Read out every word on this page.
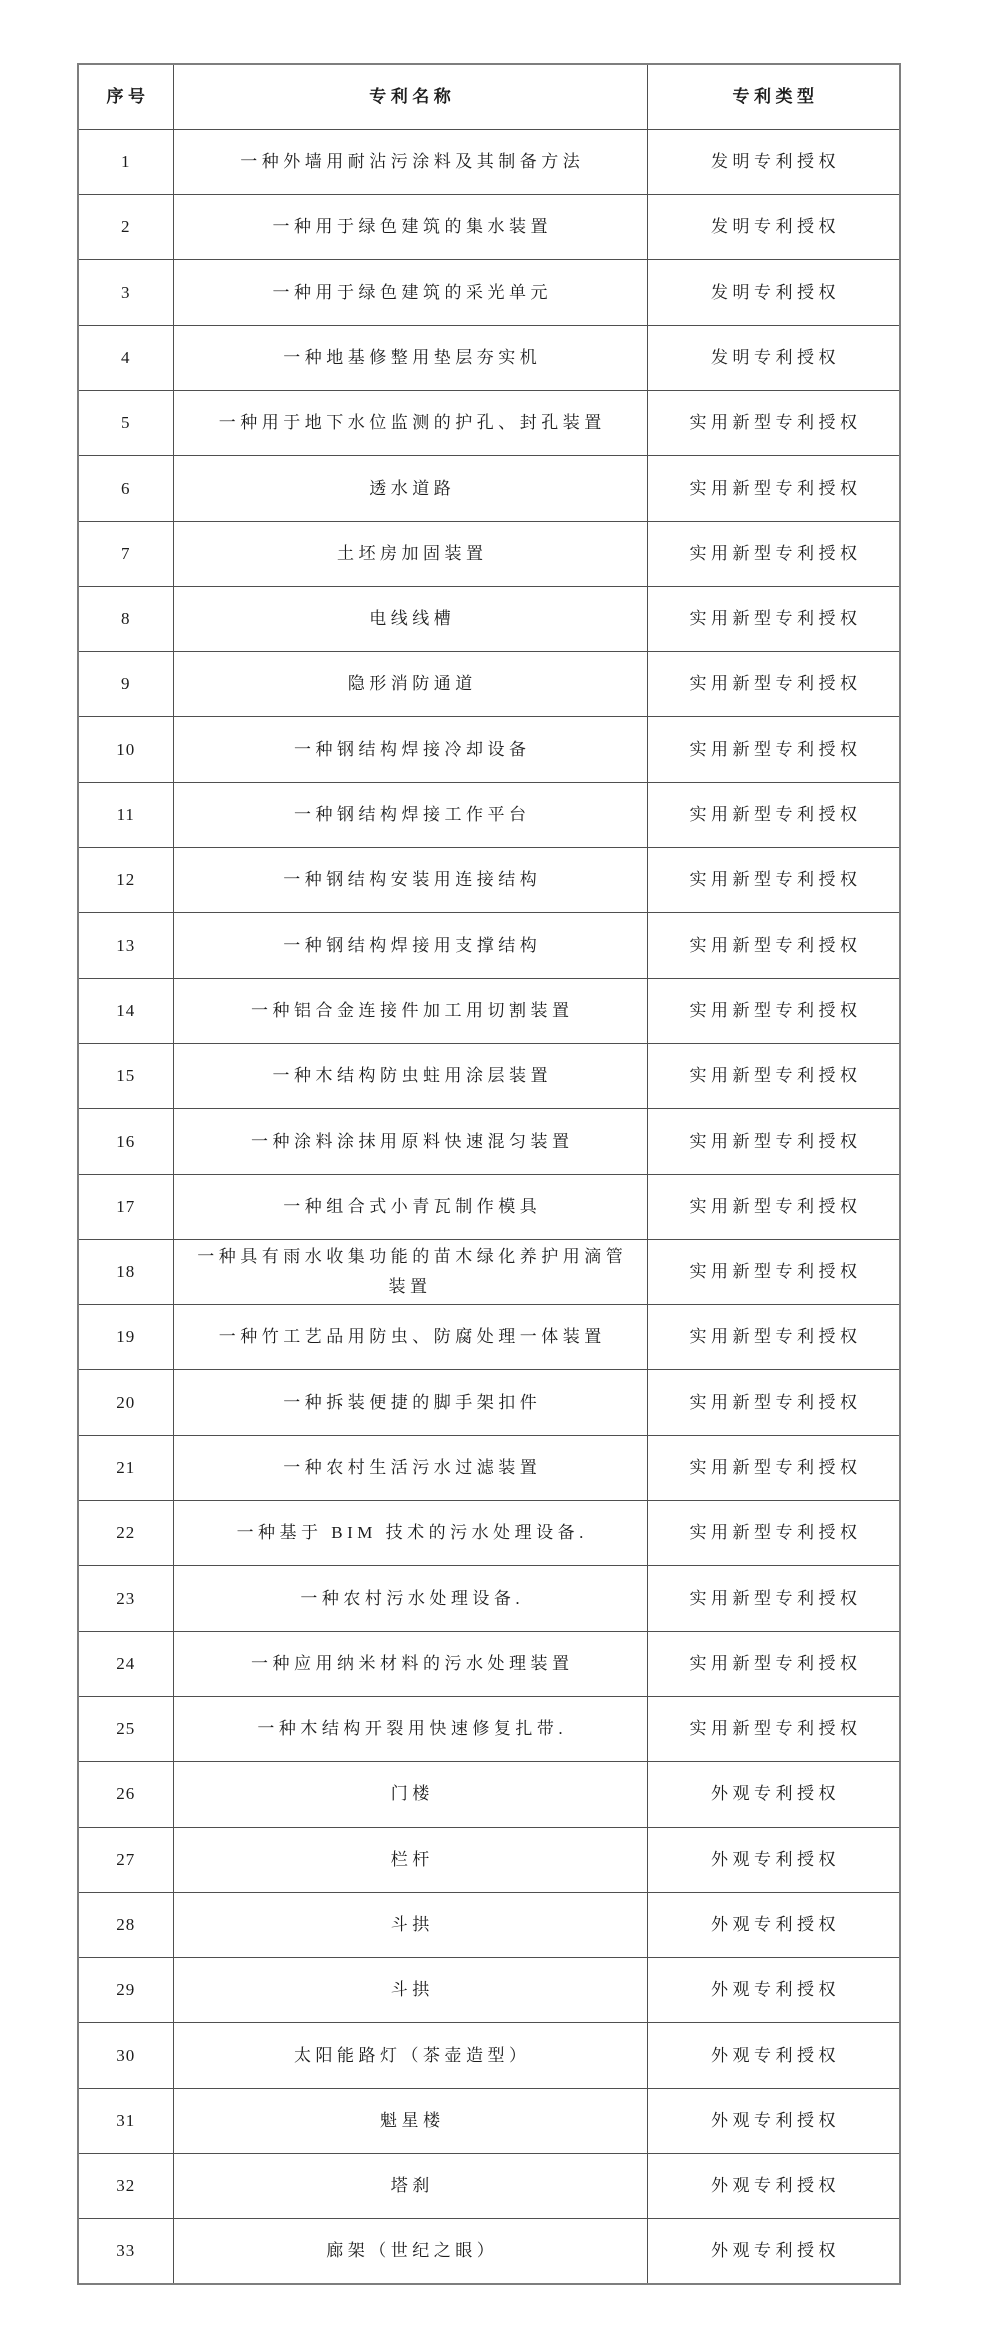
序号	专利名称	专利类型
1	一种外墙用耐沾污涂料及其制备方法	发明专利授权
2	一种用于绿色建筑的集水装置	发明专利授权
3	一种用于绿色建筑的采光单元	发明专利授权
4	一种地基修整用垫层夯实机	发明专利授权
5	一种用于地下水位监测的护孔、封孔装置	实用新型专利授权
6	透水道路	实用新型专利授权
7	土坯房加固装置	实用新型专利授权
8	电线线槽	实用新型专利授权
9	隐形消防通道	实用新型专利授权
10	一种钢结构焊接冷却设备	实用新型专利授权
11	一种钢结构焊接工作平台	实用新型专利授权
12	一种钢结构安装用连接结构	实用新型专利授权
13	一种钢结构焊接用支撑结构	实用新型专利授权
14	一种铝合金连接件加工用切割装置	实用新型专利授权
15	一种木结构防虫蛀用涂层装置	实用新型专利授权
16	一种涂料涂抹用原料快速混匀装置	实用新型专利授权
17	一种组合式小青瓦制作模具	实用新型专利授权
18	一种具有雨水收集功能的苗木绿化养护用滴管装置	实用新型专利授权
19	一种竹工艺品用防虫、防腐处理一体装置	实用新型专利授权
20	一种拆装便捷的脚手架扣件	实用新型专利授权
21	一种农村生活污水过滤装置	实用新型专利授权
22	一种基于 BIM 技术的污水处理设备.	实用新型专利授权
23	一种农村污水处理设备.	实用新型专利授权
24	一种应用纳米材料的污水处理装置	实用新型专利授权
25	一种木结构开裂用快速修复扎带.	实用新型专利授权
26	门楼	外观专利授权
27	栏杆	外观专利授权
28	斗拱	外观专利授权
29	斗拱	外观专利授权
30	太阳能路灯（茶壶造型）	外观专利授权
31	魁星楼	外观专利授权
32	塔刹	外观专利授权
33	廊架（世纪之眼）	外观专利授权
